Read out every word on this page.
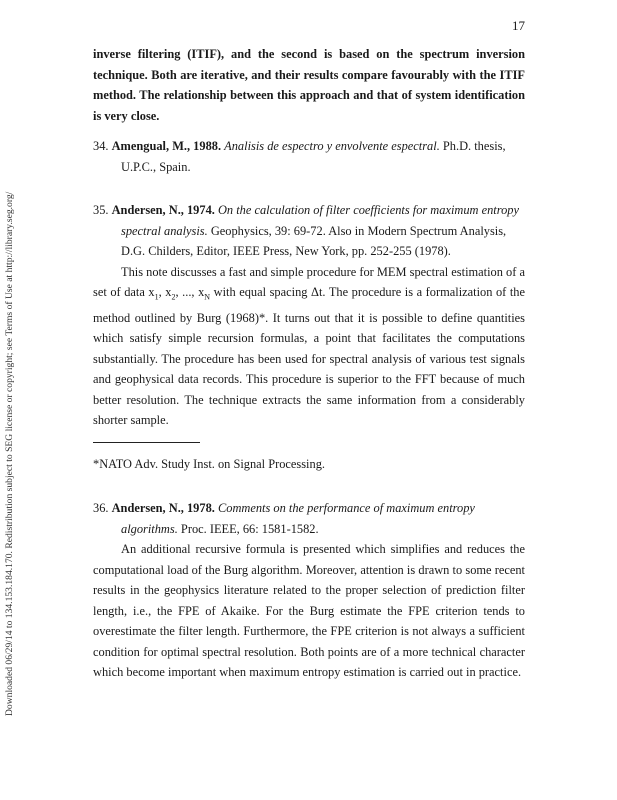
17
Downloaded 06/29/14 to 134.153.184.170. Redistribution subject to SEG license or copyright; see Terms of Use at http://library.seg.org/

inverse filtering (ITIF), and the second is based on the spectrum inversion technique. Both are iterative, and their results compare favourably with the ITIF method. The relationship between this approach and that of system identification is very close.

34. Amengual, M., 1988. Analisis de espectro y envolvente espectral. Ph.D. thesis,

U.P.C., Spain.

35. Andersen, N., 1974. On the calculation of filter coefficients for maximum entropy

spectral analysis. Geophysics, 39: 69-72. Also in Modern Spectrum Analysis,

D.G. Childers, Editor, IEEE Press, New York, pp. 252-255 (1978).

This note discusses a fast and simple procedure for MEM spectral estimation of a set of data $x_1$, $x_2$, ..., $x_N$ with equal spacing Δt. The procedure is a formalization of the method outlined by Burg (1968)*. It turns out that it is possible to define quantities which satisfy simple recursion formulas, a point that facilitates the computations substantially. The procedure has been used for spectral analysis of various test signals and geophysical data records. This procedure is superior to the FFT because of much better resolution. The technique extracts the same information from a considerably shorter sample.

*NATO Adv. Study Inst. on Signal Processing.

36. Andersen, N., 1978. Comments on the performance of maximum entropy

algorithms. Proc. IEEE, 66: 1581-1582.

An additional recursive formula is presented which simplifies and reduces the computational load of the Burg algorithm. Moreover, attention is drawn to some recent results in the geophysics literature related to the proper selection of prediction filter length, i.e., the FPE of Akaike. For the Burg estimate the FPE criterion tends to overestimate the filter length. Furthermore, the FPE criterion is not always a sufficient condition for optimal spectral resolution. Both points are of a more technical character which become important when maximum entropy estimation is carried out in practice.
